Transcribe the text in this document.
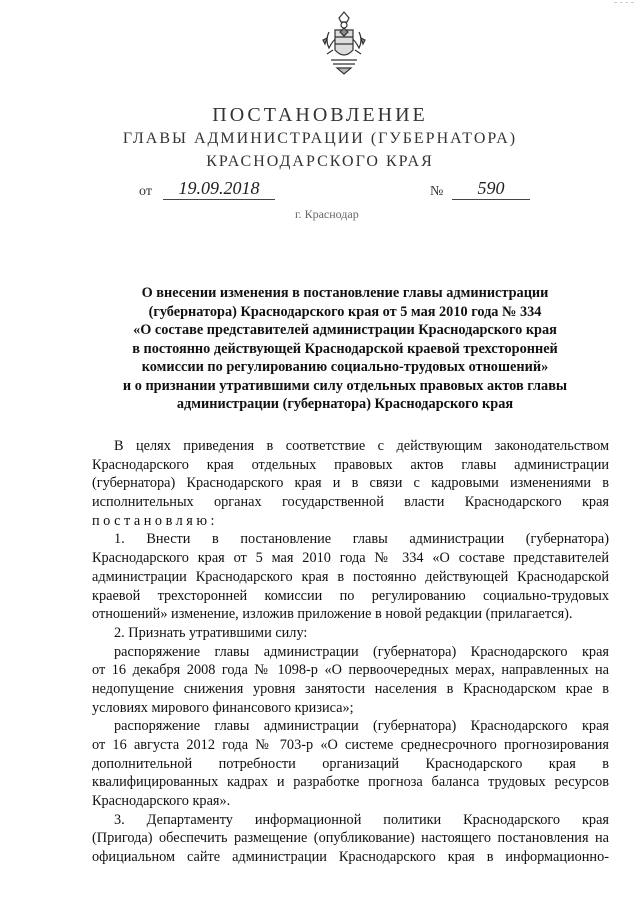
ПОСТАНОВЛЕНИЕ
ГЛАВЫ АДМИНИСТРАЦИИ (ГУБЕРНАТОРА)
КРАСНОДАРСКОГО КРАЯ
от	19.09.2018	№	590
г. Краснодар
О внесении изменения в постановление главы администрации
(губернатора) Краснодарского края от 5 мая 2010 года № 334
«О составе представителей администрации Краснодарского края
в постоянно действующей Краснодарской краевой трехсторонней
комиссии по регулированию социально-трудовых отношений»
и о признании утратившими силу отдельных правовых актов главы
администрации (губернатора) Краснодарского края
В целях приведения в соответствие с действующим законодательством
Краснодарского края отдельных правовых актов главы администрации
(губернатора) Краснодарского края и в связи с кадровыми изменениями в
исполнительных органах государственной власти Краснодарского края
постановляю:
1. Внести в постановление главы администрации (губернатора)
Краснодарского края от 5 мая 2010 года № 334 «О составе представителей
администрации Краснодарского края в постоянно действующей Краснодарской
краевой трехсторонней комиссии по регулированию социально-трудовых
отношений» изменение, изложив приложение в новой редакции (прилагается).
2. Признать утратившими силу:
распоряжение главы администрации (губернатора) Краснодарского края
от 16 декабря 2008 года № 1098-р «О первоочередных мерах, направленных на
недопущение снижения уровня занятости населения в Краснодарском крае в
условиях мирового финансового кризиса»;
распоряжение главы администрации (губернатора) Краснодарского края
от 16 августа 2012 года № 703-р «О системе среднесрочного прогнозирования
дополнительной потребности организаций Краснодарского края в
квалифицированных кадрах и разработке прогноза баланса трудовых ресурсов
Краснодарского края».
3. Департаменту информационной политики Краснодарского края
(Пригода) обеспечить размещение (опубликование) настоящего постановления на
официальном сайте администрации Краснодарского края в информационно-
